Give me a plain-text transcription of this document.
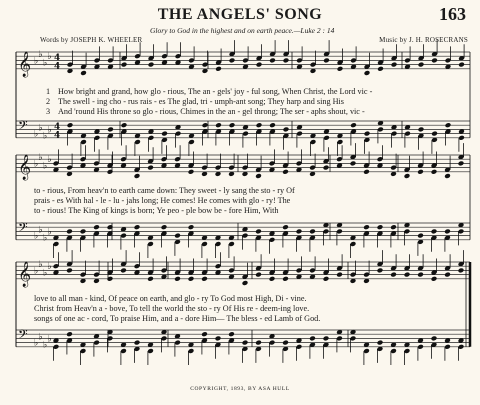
THE ANGELS' SONG	163
Glory to God in the highest and on earth peace.—Luke 2 : 14
Words by JOSEPH K. WHEELER	Music by J. H. ROSECRANS
𝄞 ♭
♭
♭
♭ 4
4
𝄢 ♭
♭
♭
♭ 4
4
𝄞 ♭
♭
♭
♭
𝄢 ♭
♭
♭
♭
𝄞 ♭
♭
♭
♭
𝄢 ♭
♭
♭
♭
1 How bright and grand, how glo - rious, The an - gels' joy - ful song, When Christ, the Lord vic -
2 The swell - ing cho - rus rais - es The glad, tri - umph-ant song; They harp and sing His
3 And 'round His throne so glo - rious, Chimes in the an - gel throng; The ser - aphs shout, vic -
to - rious, From heav'n to earth came down: They sweet - ly sang the sto - ry Of
prais - es With hal - le - lu - jahs long; He comes! He comes with glo - ry! The
to - rious! The King of kings is born; Ye peo - ple bow be - fore Him, With
love to all man - kind, Of peace on earth, and glo - ry To God most High, Di - vine.
Christ from Heav'n a - bove, To tell the world the sto - ry Of His re - deem-ing love.
songs of one ac - cord, To praise Him, and a - dore Him— The bless - ed Lamb of God.
COPYRIGHT, 1893, BY ASA HULL
